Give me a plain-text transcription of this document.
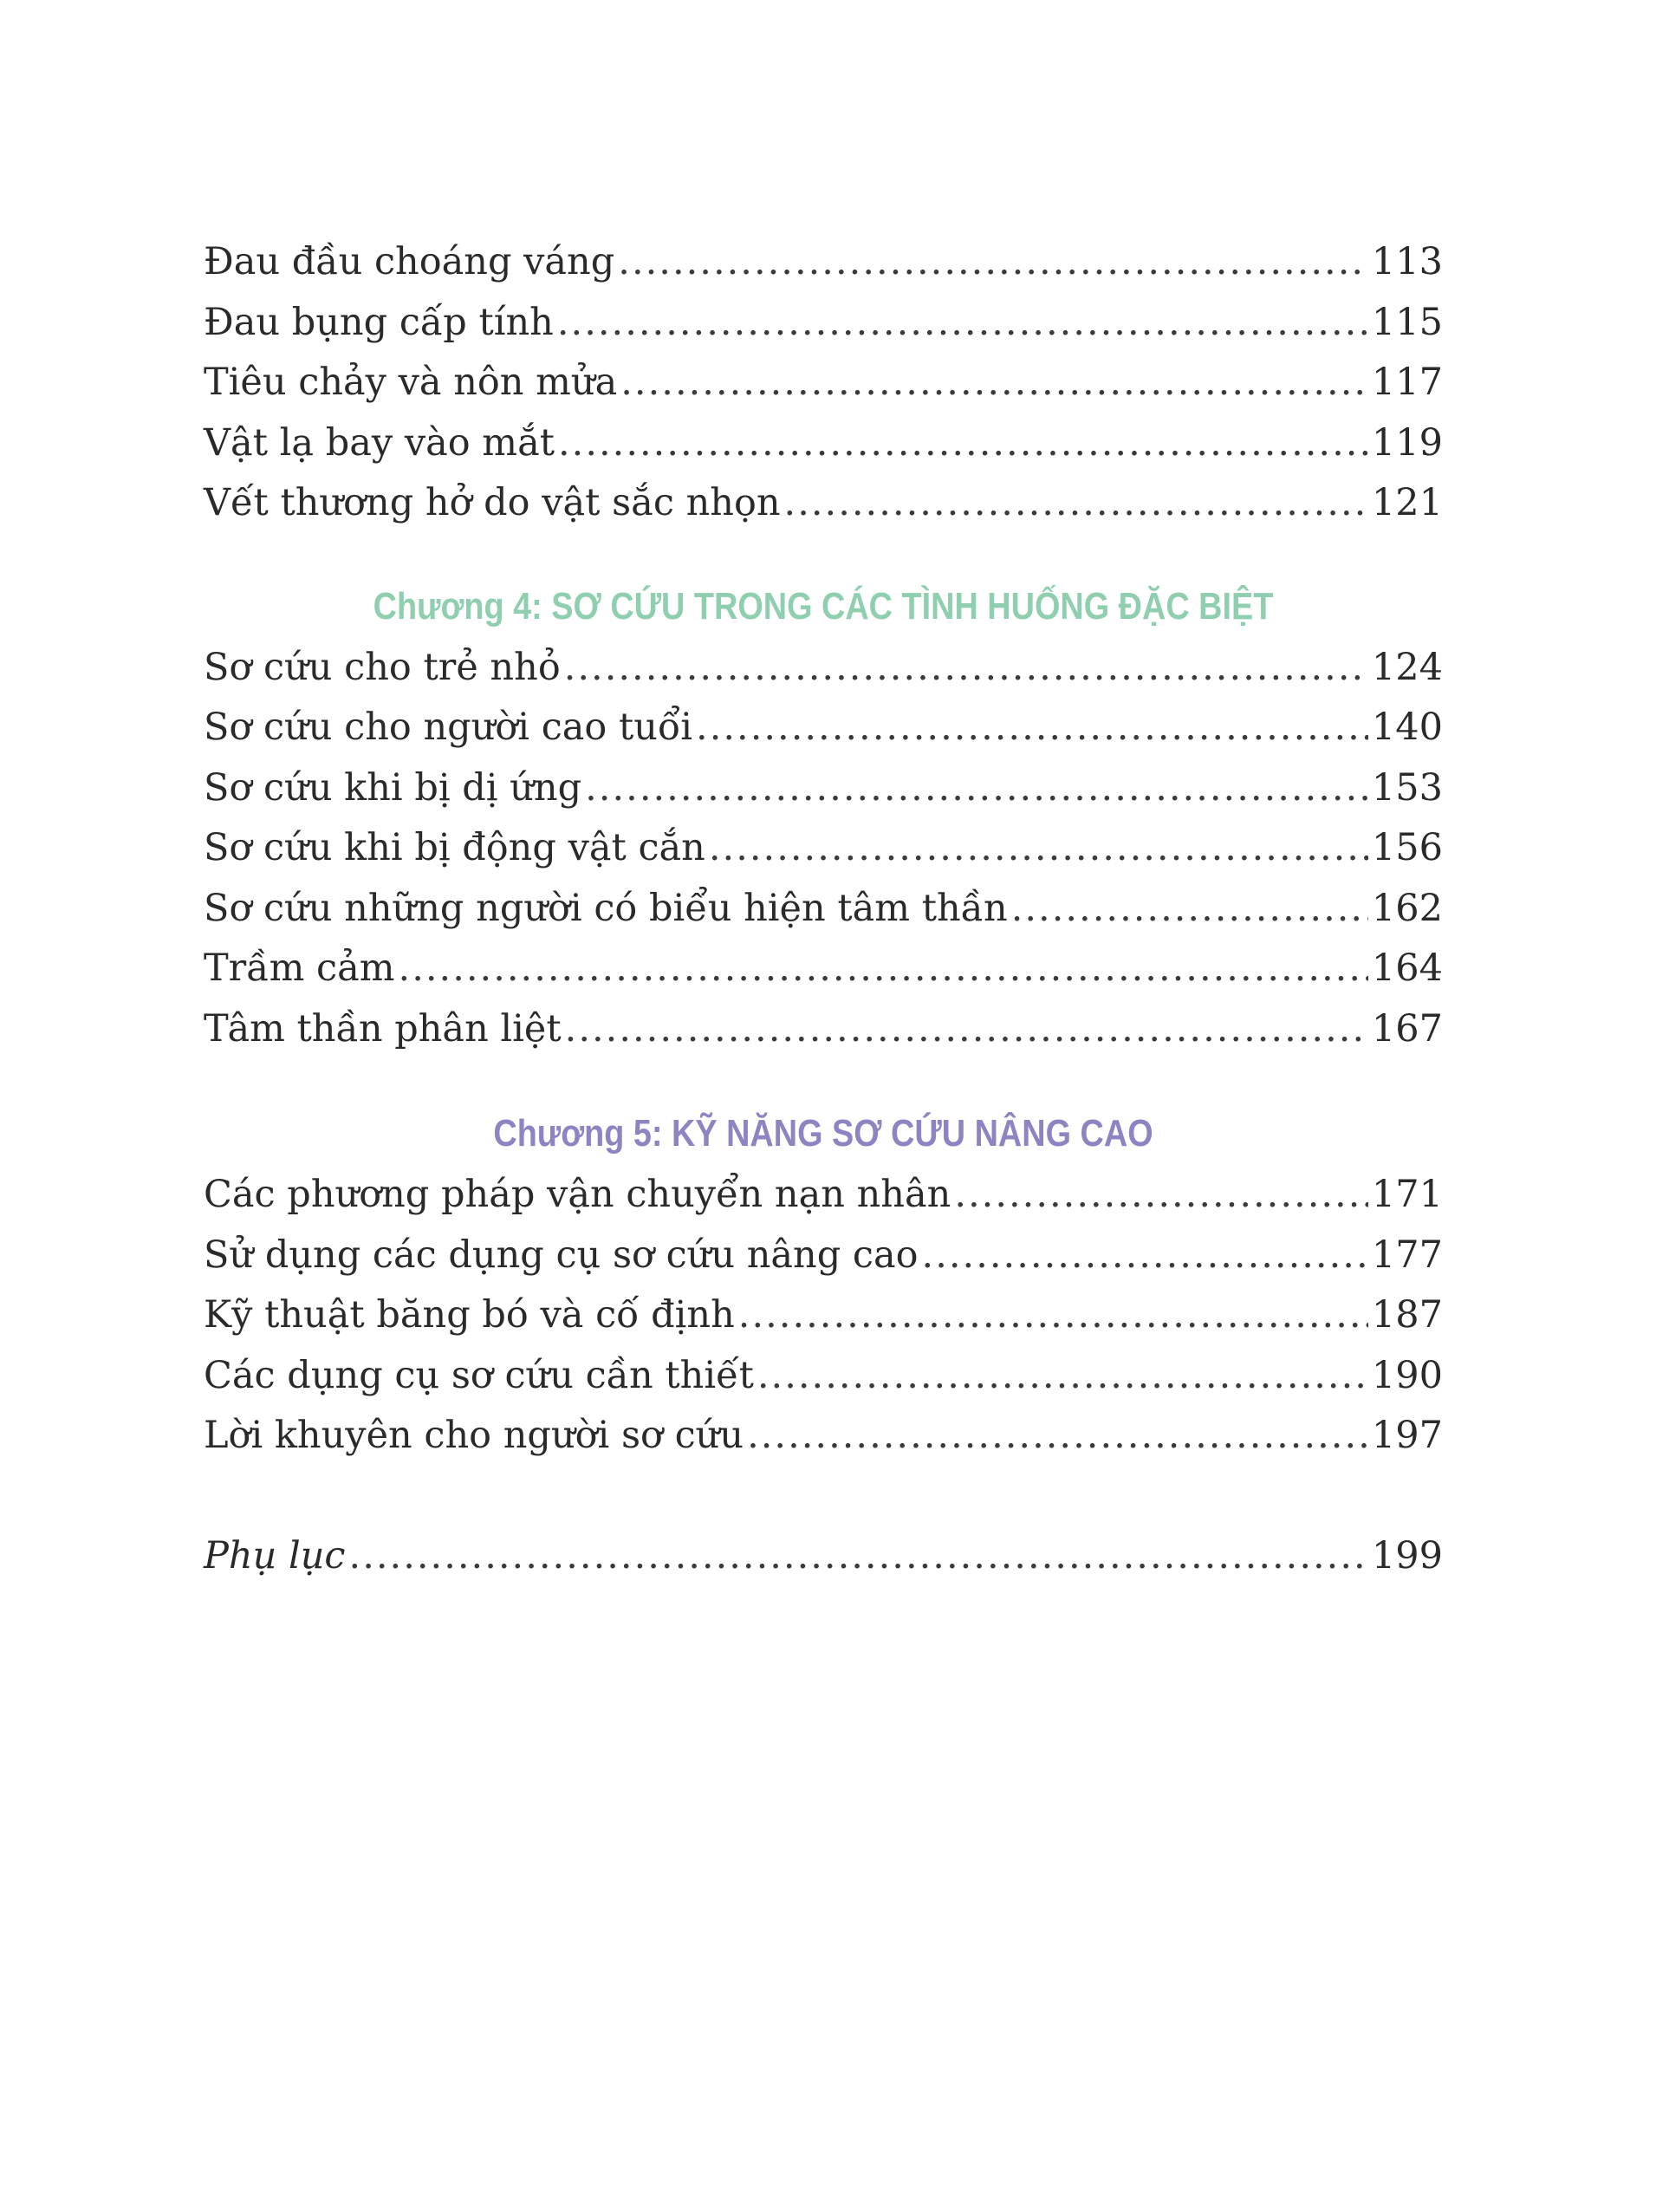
Đau đầu choáng váng .....	113
Đau bụng cấp tính .....	115
Tiêu chảy và nôn mửa .....	117
Vật lạ bay vào mắt .....	119
Vết thương hở do vật sắc nhọn .....	121
Chương 4: SƠ CỨU TRONG CÁC TÌNH HUỐNG ĐẶC BIỆT
Sơ cứu cho trẻ nhỏ .....	124
Sơ cứu cho người cao tuổi .....	140
Sơ cứu khi bị dị ứng .....	153
Sơ cứu khi bị động vật cắn .....	156
Sơ cứu những người có biểu hiện tâm thần .....	162
Trầm cảm .....	164
Tâm thần phân liệt .....	167
Chương 5: KỸ NĂNG SƠ CỨU NÂNG CAO
Các phương pháp vận chuyển nạn nhân .....	171
Sử dụng các dụng cụ sơ cứu nâng cao .....	177
Kỹ thuật băng bó và cố định .....	187
Các dụng cụ sơ cứu cần thiết .....	190
Lời khuyên cho người sơ cứu .....	197
Phụ lục .....	199
